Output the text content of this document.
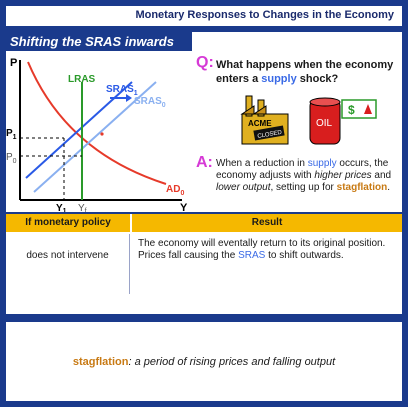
Monetary Responses to Changes in the Economy
Shifting the SRAS inwards
P
Y
LRAS
$SRAS_1$
$SRAS_0$
$AD_0$
$P_1$
$P_0$
$Y_1$ $Y_f$
Q: What happens when the economy enters a supply shock?
ACME
CLOSED
OIL
$
A: When a reduction in supply occurs, the economy adjusts with higher prices and lower output, setting up for stagflation.
If monetary policy	Result
does not intervene
The economy will eventally return to its original position. Prices fall causing the SRAS to shift outwards.
stagflation: a period of rising prices and falling output
